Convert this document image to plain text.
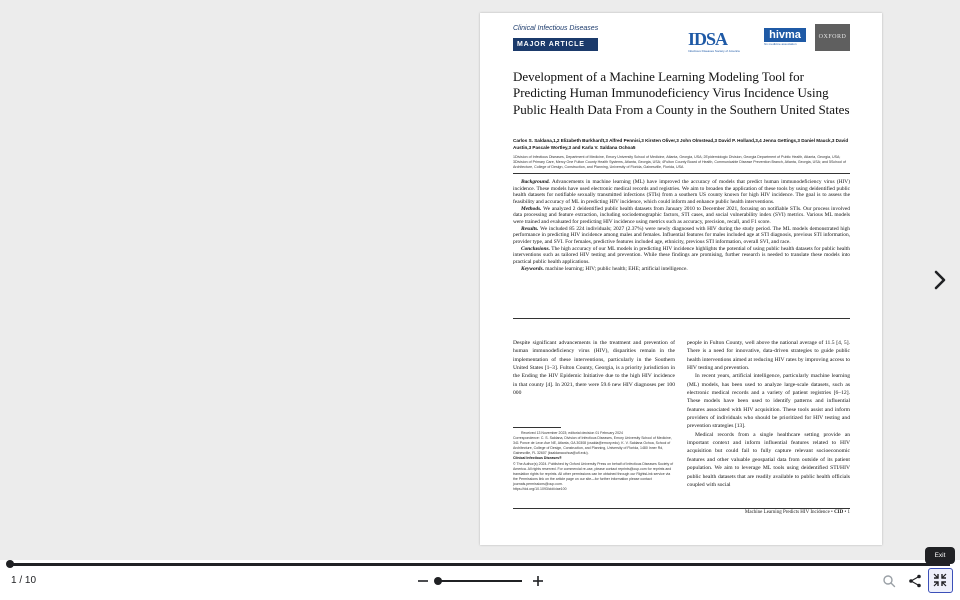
Clinical Infectious Diseases
MAJOR ARTICLE	IDSA
Infectious Diseases Society of America
hivma
hiv medicine association
OXFORD
Development of a Machine Learning Modeling Tool for Predicting Human Immunodeficiency Virus Incidence Using Public Health Data From a County in the Southern United States
Carlos S. Saldana,1,2 Elizabeth Burkhardt,3 Alfred Pennisi,3 Kirsten Oliver,3 John Olmstead,3 David P. Holland,3,4 Jenna Gettings,3 Daniel Mauck,3 David Austin,3 Pascale Wortley,3 and Karla V. Saldana Ochoa5
1Division of Infectious Diseases, Department of Medicine, Emory University School of Medicine, Atlanta, Georgia, USA; 2Epidemiologic Division, Georgia Department of Public Health, Atlanta, Georgia, USA; 3Division of Primary Care, Mercy One Fulton County Health Systems, Atlanta, Georgia, USA; 4Fulton County Board of Health, Communicable Disease Prevention Branch, Atlanta, Georgia, USA; and 5School of Architecture, College of Design, Construction, and Planning, University of Florida, Gainesville, Florida, USA

Background. Advancements in machine learning (ML) have improved the accuracy of models that predict human immunodeficiency virus (HIV) incidence. These models have used electronic medical records and registries. We aim to broaden the application of these tools by using deidentified public health datasets for notifiable sexually transmitted infections (STIs) from a southern US county known for high HIV incidence. The goal is to assess the feasibility and accuracy of ML in predicting HIV incidence, which could inform and enhance public health interventions.

Methods. We analyzed 2 deidentified public health datasets from January 2010 to December 2021, focusing on notifiable STIs. Our process involved data processing and feature extraction, including sociodemographic factors, STI cases, and social vulnerability index (SVI) metrics. Various ML models were trained and evaluated for predicting HIV incidence using metrics such as accuracy, precision, recall, and F1 score.

Results. We included 85 224 individuals; 2027 (2.37%) were newly diagnosed with HIV during the study period. The ML models demonstrated high performance in predicting HIV incidence among males and females. Influential features for males included age at STI diagnosis, previous STI information, provider type, and SVI. For females, predictive features included age, ethnicity, previous STI information, overall SVI, and race.

Conclusions. The high accuracy of our ML models in predicting HIV incidence highlights the potential of using public health datasets for public health interventions such as tailored HIV testing and prevention. While these findings are promising, further research is needed to translate these models into practical public health applications.

Keywords. machine learning; HIV; public health; EHE; artificial intelligence.

Despite significant advancements in the treatment and prevention of human immunodeficiency virus (HIV), disparities remain in the implementation of these interventions, particularly in the Southern United States [1–3]. Fulton County, Georgia, is a priority jurisdiction in the Ending the HIV Epidemic Initiative due to the high HIV incidence in that county [4]. In 2021, there were 59.6 new HIV diagnoses per 100 000

people in Fulton County, well above the national average of 11.5 [4, 5]. There is a need for innovative, data-driven strategies to guide public health interventions aimed at reducing HIV rates by improving access to HIV testing and prevention.

In recent years, artificial intelligence, particularly machine learning (ML) models, has been used to analyze large-scale datasets, such as electronic medical records and a variety of patient registries [6–12]. These models have been used to identify patterns and influential features associated with HIV acquisition. These tools assist and inform providers of individuals who should be prioritized for HIV testing and prevention strategies [13].

Medical records from a single healthcare setting provide an important context and inform influential features related to HIV acquisition but could fail to fully capture relevant socioeconomic features and other valuable geospatial data from outside of its patient population. We aim to leverage ML tools using deidentified STI/HIV public health datasets that are readily available to public health officials coupled with social

Received 13 November 2023; editorial decision 01 February 2024
Correspondence: C. S. Saldana, Division of Infectious Diseases, Emory University School of Medicine, 341 Ponce de Leon Ave NE, Atlanta, GA 30308 (csalda@emory.edu); K. V. Saldana Ochoa, School of Architecture, College of Design, Construction, and Planning, University of Florida, 1480 Inner Rd, Gainesville, FL 32607 (ksaldanaochoa@ufl.edu).
Clinical Infectious Diseases®
© The Author(s) 2024. Published by Oxford University Press on behalf of Infectious Diseases Society of America. All rights reserved. For commercial re-use, please contact reprints@oup.com for reprints and translation rights for reprints. All other permissions can be obtained through our RightsLink service via the Permissions link on the article page on our site—for further information please contact journals.permissions@oup.com.
https://doi.org/10.1093/cid/ciae100
Machine Learning Predicts HIV Incidence • CID • 1
Exit
1 / 10
